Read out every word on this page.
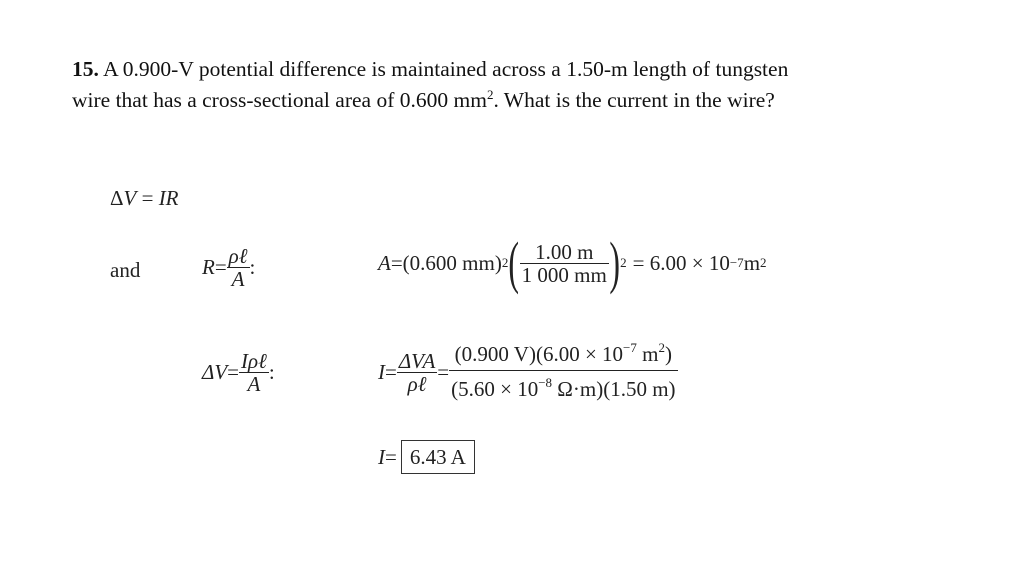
15. A 0.900-V potential difference is maintained across a 1.50-m length of tungsten
wire that has a cross-sectional area of 0.600 $mm^2$. What is the current in the wire?
ΔV = IR
and	$R = \frac{\text{ρℓ}}{A}$ :	A = (0.600 mm) 2 ( $\frac{1.00 m}{1 000 mm}$ ) 2 = 6.00 × 10 −7 m 2
$\Delta V = \frac{\text{Iρℓ}}{A}$ :	$I = \frac{\text{ΔVA}}{\text{ρℓ}} = \frac{(0.900 V)(6.00 \times 10^{-7} m^2)}{(5.60 \times 10^{-8} \Omega\cdot m)(1.50 m)}$
I = 6.43 A
